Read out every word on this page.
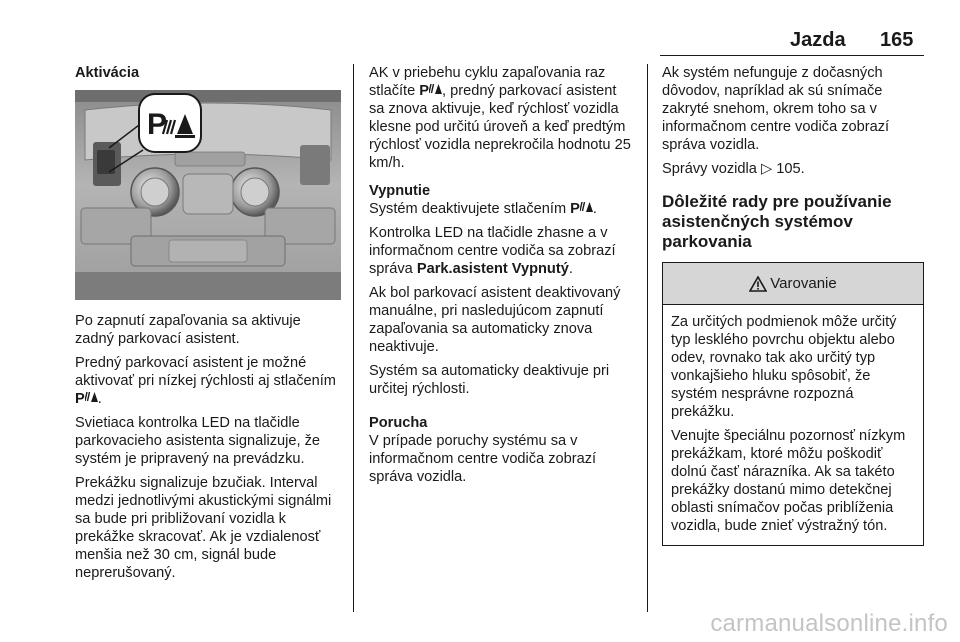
Jazda 165
Aktivácia
P

Po zapnutí zapaľovania sa aktivuje zadný parkovací asistent.

Predný parkovací asistent je možné aktivovať pri nízkej rýchlosti aj stlačením P .

Svietiaca kontrolka LED na tlačidle parkovacieho asistenta signalizuje, že systém je pripravený na prevádzku.

Prekážku signalizuje bzučiak. Interval medzi jednotlivými akustickými signálmi sa bude pri približovaní vozidla k prekážke skracovať. Ak je vzdialenosť menšia než 30 cm, signál bude neprerušovaný.

AK v priebehu cyklu zapaľovania raz stlačíte P , predný parkovací asistent sa znova aktivuje, keď rýchlosť vozidla klesne pod určitú úroveň a keď predtým rýchlosť vozidla neprekročila hodnotu 25 km/h.

Vypnutie

Systém deaktivujete stlačením P .

Kontrolka LED na tlačidle zhasne a v informačnom centre vodiča sa zobrazí správa Park.asistent Vypnutý.

Ak bol parkovací asistent deaktivovaný manuálne, pri nasledujúcom zapnutí zapaľovania sa automaticky znova neaktivuje.

Systém sa automaticky deaktivuje pri určitej rýchlosti.

Porucha

V prípade poruchy systému sa v informačnom centre vodiča zobrazí správa vozidla.

Ak systém nefunguje z dočasných dôvodov, napríklad ak sú snímače zakryté snehom, okrem toho sa v informačnom centre vodiča zobrazí správa vozidla.

Správy vozidla ▷ 105.

Dôležité rady pre používanie asistenčných systémov parkovania
Varovanie

Za určitých podmienok môže určitý typ lesklého povrchu objektu alebo odev, rovnako tak ako určitý typ vonkajšieho hluku spôsobiť, že systém nesprávne rozpozná prekážku.

Venujte špeciálnu pozornosť nízkym prekážkam, ktoré môžu poškodiť dolnú časť nárazníka. Ak sa takéto prekážky dostanú mimo detekčnej oblasti snímačov počas priblíženia vozidla, bude znieť výstražný tón.

carmanualsonline.info
